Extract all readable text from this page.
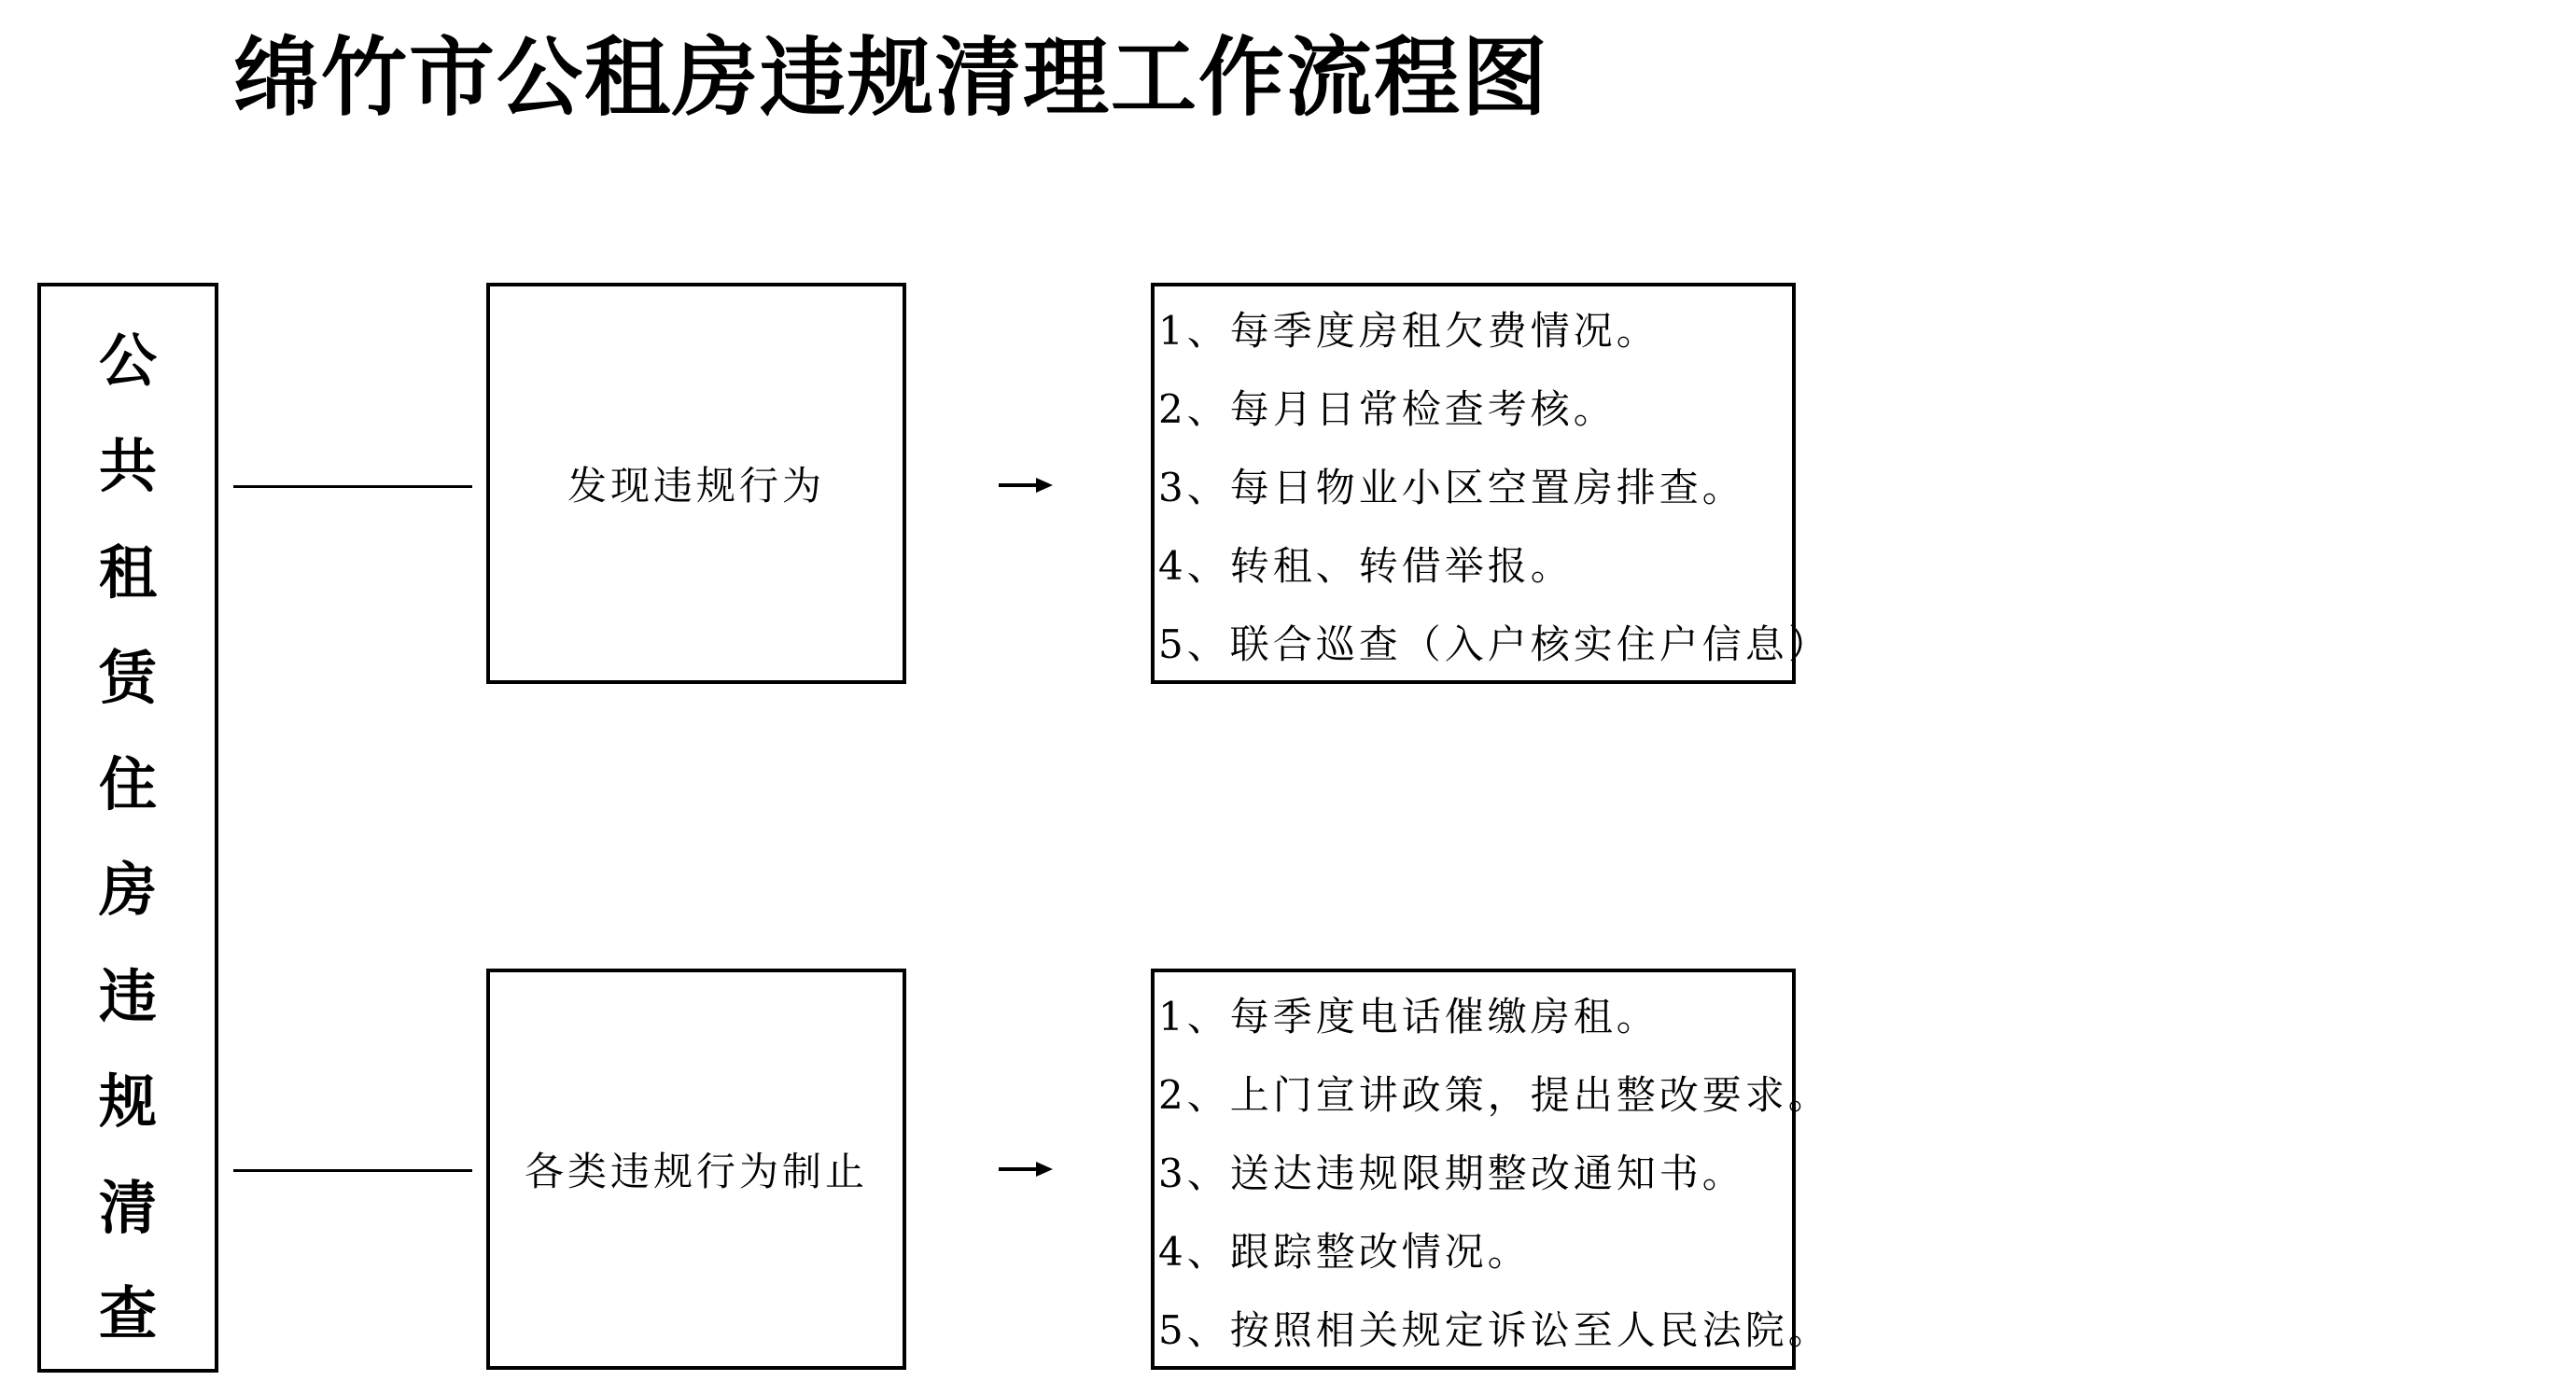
绵竹市公租房违规清理工作流程图
公
共
租
赁
住
房
违
规
清
查
发现违规行为
1、每季度房租欠费情况。
2、每月日常检查考核。
3、每日物业小区空置房排查。
4、转租、转借举报。
5、联合巡查（入户核实住户信息）
各类违规行为制止
1、每季度电话催缴房租。
2、上门宣讲政策，提出整改要求。
3、送达违规限期整改通知书。
4、跟踪整改情况。
5、按照相关规定诉讼至人民法院。
